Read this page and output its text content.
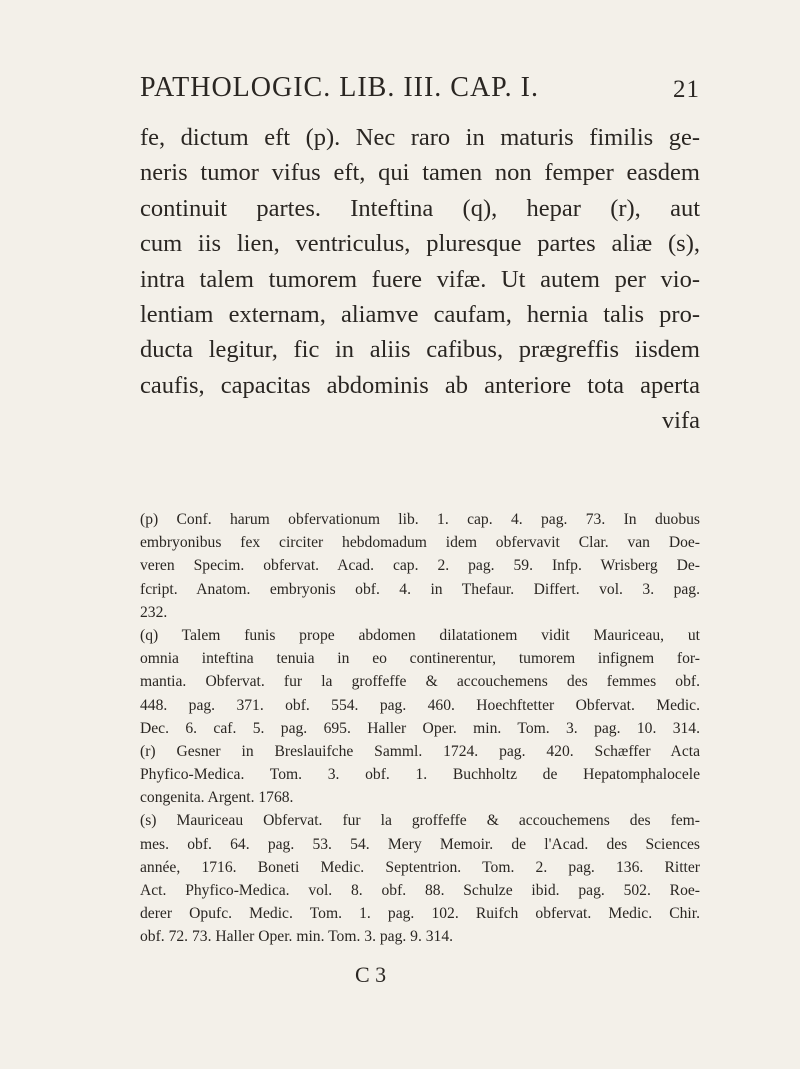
PATHOLOGIC. LIB. III. CAP. I.	21
fe, dictum eft (p). Nec raro in maturis fimilis ge-
neris tumor vifus eft, qui tamen non femper easdem
continuit partes. Inteftina (q), hepar (r), aut
cum iis lien, ventriculus, pluresque partes aliæ (s),
intra talem tumorem fuere vifæ. Ut autem per vio-
lentiam externam, aliamve caufam, hernia talis pro-
ducta legitur, fic in aliis cafibus, prægreffis iisdem
caufis, capacitas abdominis ab anteriore tota aperta
vifa
(p) Conf. harum obfervationum lib. 1. cap. 4. pag. 73. In duobus
embryonibus fex circiter hebdomadum idem obfervavit Clar. van Doe-
veren Specim. obfervat. Acad. cap. 2. pag. 59. Infp. Wrisberg De-
fcript. Anatom. embryonis obf. 4. in Thefaur. Differt. vol. 3. pag.
232.
(q) Talem funis prope abdomen dilatationem vidit Mauriceau, ut
omnia inteftina tenuia in eo continerentur, tumorem infignem for-
mantia. Obfervat. fur la groffeffe & accouchemens des femmes obf.
448. pag. 371. obf. 554. pag. 460. Hoechftetter Obfervat. Medic.
Dec. 6. caf. 5. pag. 695. Haller Oper. min. Tom. 3. pag. 10. 314.
(r) Gesner in Breslauifche Samml. 1724. pag. 420. Schæffer Acta
Phyfico-Medica. Tom. 3. obf. 1. Buchholtz de Hepatomphalocele
congenita. Argent. 1768.
(s) Mauriceau Obfervat. fur la groffeffe & accouchemens des fem-
mes. obf. 64. pag. 53. 54. Mery Memoir. de l'Acad. des Sciences
année, 1716. Boneti Medic. Septentrion. Tom. 2. pag. 136. Ritter
Act. Phyfico-Medica. vol. 8. obf. 88. Schulze ibid. pag. 502. Roe-
derer Opufc. Medic. Tom. 1. pag. 102. Ruifch obfervat. Medic. Chir.
obf. 72. 73. Haller Oper. min. Tom. 3. pag. 9. 314.
C 3
